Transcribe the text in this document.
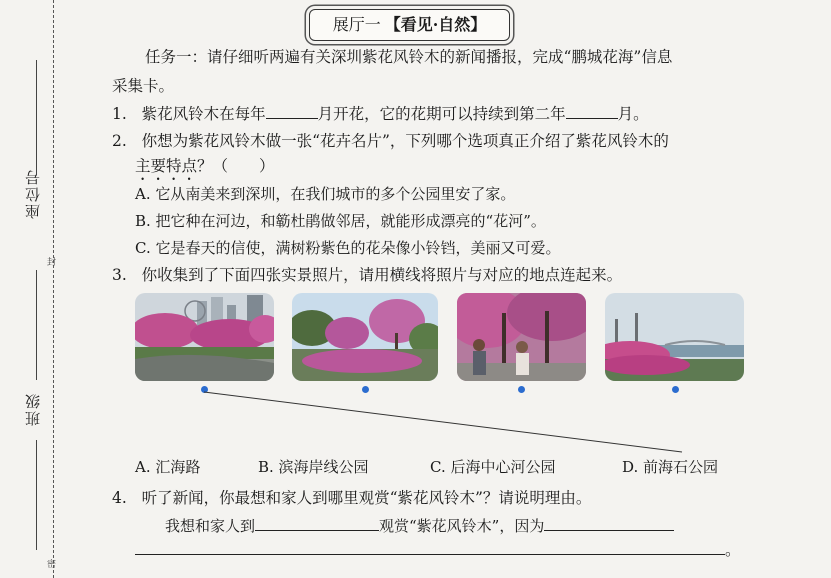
座位号
封
班级
密
展厅一 【看见·自然】
任务一：请仔细听两遍有关深圳紫花风铃木的新闻播报，完成“鹏城花海”信息
采集卡。
1. 紫花风铃木在每年	月开花，它的花期可以持续到第二年	月。
2. 你想为紫花风铃木做一张“花卉名片”，下列哪个选项真正介绍了紫花风铃木的
主要特点？（　　）
A. 它从南美来到深圳，在我们城市的多个公园里安了家。
B. 把它种在河边，和簕杜鹃做邻居，就能形成漂亮的“花河”。
C. 它是春天的信使，满树粉紫色的花朵像小铃铛，美丽又可爱。
3. 你收集到了下面四张实景照片，请用横线将照片与对应的地点连起来。
A. 汇海路	B. 滨海岸线公园	C. 后海中心河公园	D. 前海石公园
4. 听了新闻，你最想和家人到哪里观赏“紫花风铃木”？请说明理由。
我想和家人到	观赏“紫花风铃木”，因为
。
